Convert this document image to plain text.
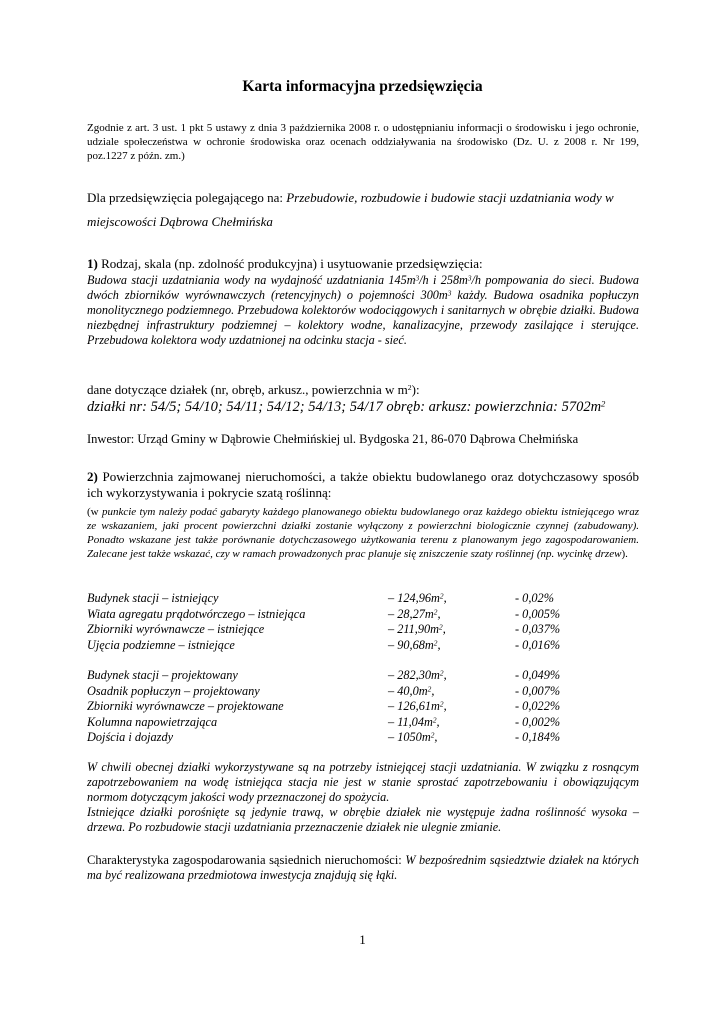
Karta informacyjna przedsięwzięcia
Zgodnie z art. 3 ust. 1 pkt 5 ustawy z dnia 3 października 2008 r. o udostępnianiu informacji o środowisku i jego ochronie, udziale społeczeństwa w ochronie środowiska oraz ocenach oddziaływania na środowisko (Dz. U. z 2008 r. Nr 199, poz.1227 z późn. zm.)
Dla przedsięwzięcia polegającego na: Przebudowie, rozbudowie i budowie stacji uzdatniania wody w miejscowości Dąbrowa Chełmińska
1) Rodzaj, skala (np. zdolność produkcyjna) i usytuowanie przedsięwzięcia:
Budowa stacji uzdatniania wody na wydajność uzdatniania $145m^3/h$ i $258m^3/h$ pompowania do sieci. Budowa dwóch zbiorników wyrównawczych (retencyjnych) o pojemności $300m^3$ każdy. Budowa osadnika popłuczyn monolitycznego podziemnego. Przebudowa kolektorów wodociągowych i sanitarnych w obrębie działki. Budowa niezbędnej infrastruktury podziemnej – kolektory wodne, kanalizacyjne, przewody zasilające i sterujące. Przebudowa kolektora wody uzdatnionej na odcinku stacja - sieć.
dane dotyczące działek (nr, obręb, arkusz., powierzchnia w $m^2$):
działki nr: 54/5; 54/10; 54/11; 54/12; 54/13; 54/17 obręb: arkusz: powierzchnia: $5702m^2$
Inwestor: Urząd Gminy w Dąbrowie Chełmińskiej ul. Bydgoska 21, 86-070 Dąbrowa Chełmińska
2) Powierzchnia zajmowanej nieruchomości, a także obiektu budowlanego oraz dotychczasowy sposób ich wykorzystywania i pokrycie szatą roślinną:
(w punkcie tym należy podać gabaryty każdego planowanego obiektu budowlanego oraz każdego obiektu istniejącego wraz ze wskazaniem, jaki procent powierzchni działki zostanie wyłączony z powierzchni biologicznie czynnej (zabudowany). Ponadto wskazane jest także porównanie dotychczasowego użytkowania terenu z planowanym jego zagospodarowaniem. Zalecane jest także wskazać, czy w ramach prowadzonych prac planuje się zniszczenie szaty roślinnej (np. wycinkę drzew).
Budynek stacji – istniejący	– $124,96m^2$,	- 0,02%
Wiata agregatu prądotwórczego – istniejąca	– $28,27m^2$,	- 0,005%
Zbiorniki wyrównawcze – istniejące	– $211,90m^2$,	- 0,037%
Ujęcia podziemne – istniejące	– $90,68m^2$,	- 0,016%
Budynek stacji – projektowany	– $282,30m^2$,	- 0,049%
Osadnik popłuczyn – projektowany	– $40,0m^2$,	- 0,007%
Zbiorniki wyrównawcze – projektowane	– $126,61m^2$,	- 0,022%
Kolumna napowietrzająca	– $11,04m^2$,	- 0,002%
Dojścia i dojazdy	– $1050m^2$,	- 0,184%
W chwili obecnej działki wykorzystywane są na potrzeby istniejącej stacji uzdatniania. W związku z rosnącym zapotrzebowaniem na wodę istniejąca stacja nie jest w stanie sprostać zapotrzebowaniu i obowiązującym normom dotyczącym jakości wody przeznaczonej do spożycia.
Istniejące działki porośnięte są jedynie trawą, w obrębie działek nie występuje żadna roślinność wysoka – drzewa. Po rozbudowie stacji uzdatniania przeznaczenie działek nie ulegnie zmianie.
Charakterystyka zagospodarowania sąsiednich nieruchomości: W bezpośrednim sąsiedztwie działek na których ma być realizowana przedmiotowa inwestycja znajdują się łąki.
1
